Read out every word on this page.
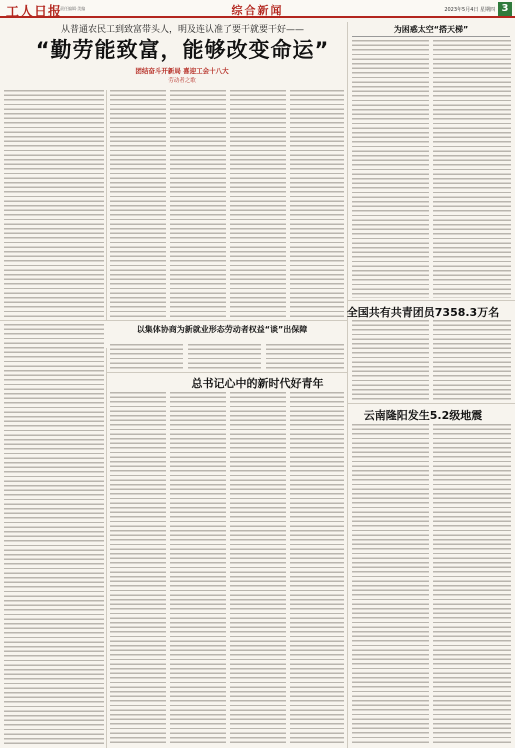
工人日报
责任编辑·美编	综合新闻	2023年5月4日 星期四 3
从普通农民工到致富带头人，明及连认准了要干就要干好——
“勤劳能致富，能够改变命运”
团结奋斗开新局 喜迎工会十八大
劳动者之歌
为困惑太空“搭天梯”
全国共有共青团员7358.3万名
云南隆阳发生5.2级地震
以集体协商为新就业形态劳动者权益“谈”出保障
总书记心中的新时代好青年
